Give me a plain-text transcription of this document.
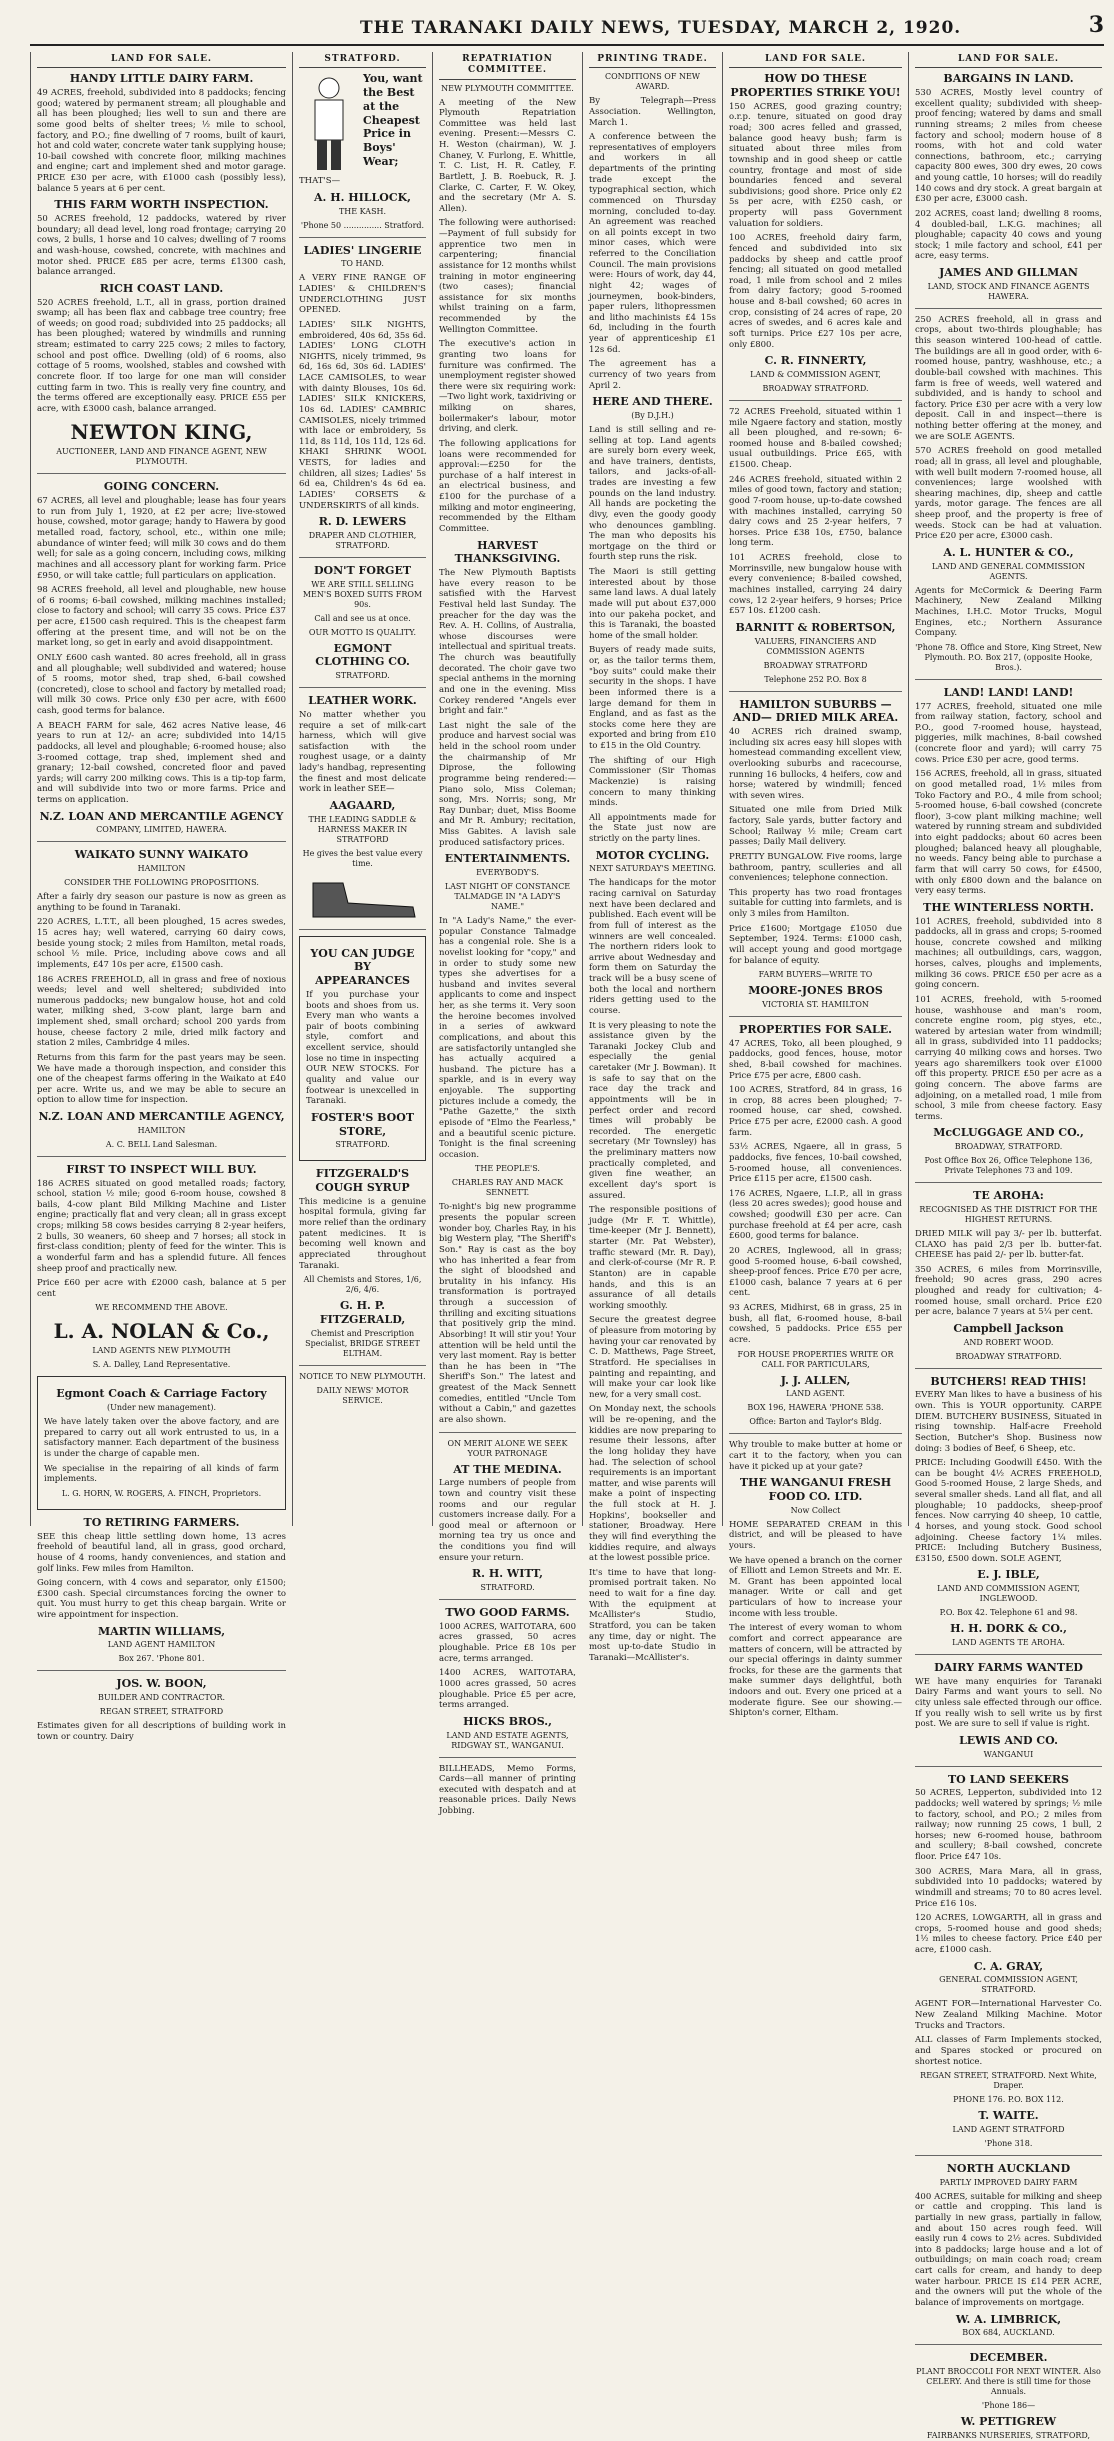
THE TARANAKI DAILY NEWS, TUESDAY, MARCH 2, 1920.	3
LAND FOR SALE.
HANDY LITTLE DAIRY FARM.

49 ACRES, freehold, subdivided into 8 paddocks; fencing good; watered by permanent stream; all ploughable and all has been ploughed; lies well to sun and there are some good belts of shelter trees; ½ mile to school, factory, and P.O.; fine dwelling of 7 rooms, built of kauri, hot and cold water, concrete water tank supplying house; 10-bail cowshed with concrete floor, milking machines and engine; cart and implement shed and motor garage. PRICE £30 per acre, with £1000 cash (possibly less), balance 5 years at 6 per cent.

THIS FARM WORTH INSPECTION.

50 ACRES freehold, 12 paddocks, watered by river boundary; all dead level, long road frontage; carrying 20 cows, 2 bulls, 1 horse and 10 calves; dwelling of 7 rooms and wash-house, cowshed, concrete, with machines and motor shed. PRICE £85 per acre, terms £1300 cash, balance arranged.

RICH COAST LAND.

520 ACRES freehold, L.T., all in grass, portion drained swamp; all has been flax and cabbage tree country; free of weeds; on good road; subdivided into 25 paddocks; all has been ploughed; watered by windmills and running stream; estimated to carry 225 cows; 2 miles to factory, school and post office. Dwelling (old) of 6 rooms, also cottage of 5 rooms, woolshed, stables and cowshed with concrete floor. If too large for one man will consider cutting farm in two. This is really very fine country, and the terms offered are exceptionally easy. PRICE £55 per acre, with £3000 cash, balance arranged.

NEWTON KING,
AUCTIONEER, LAND AND FINANCE AGENT, NEW PLYMOUTH.
GOING CONCERN.

67 ACRES, all level and ploughable; lease has four years to run from July 1, 1920, at £2 per acre; live-stowed house, cowshed, motor garage; handy to Hawera by good metalled road, factory, school, etc., within one mile; abundance of winter feed; will milk 30 cows and do them well; for sale as a going concern, including cows, milking machines and all accessory plant for working farm. Price £950, or will take cattle; full particulars on application.

98 ACRES freehold, all level and ploughable, new house of 6 rooms; 6-bail cowshed, milking machines installed; close to factory and school; will carry 35 cows. Price £37 per acre, £1500 cash required. This is the cheapest farm offering at the present time, and will not be on the market long, so get in early and avoid disappointment.

ONLY £600 cash wanted. 80 acres freehold, all in grass and all ploughable; well subdivided and watered; house of 5 rooms, motor shed, trap shed, 6-bail cowshed (concreted), close to school and factory by metalled road; will milk 30 cows. Price only £30 per acre, with £600 cash, good terms for balance.

A BEACH FARM for sale, 462 acres Native lease, 46 years to run at 12/- an acre; subdivided into 14/15 paddocks, all level and ploughable; 6-roomed house; also 3-roomed cottage, trap shed, implement shed and granary; 12-bail cowshed, concreted floor and paved yards; will carry 200 milking cows. This is a tip-top farm, and will subdivide into two or more farms. Price and terms on application.

N.Z. LOAN AND MERCANTILE AGENCY
COMPANY, LIMITED, HAWERA.
WAIKATO SUNNY WAIKATO
HAMILTON
CONSIDER THE FOLLOWING PROPOSITIONS.

After a fairly dry season our pasture is now as green as anything to be found in Taranaki.

220 ACRES, L.T.T., all been ploughed, 15 acres swedes, 15 acres hay; well watered, carrying 60 dairy cows, beside young stock; 2 miles from Hamilton, metal roads, school ½ mile. Price, including above cows and all implements, £47 10s per acre, £1500 cash.

186 ACRES FREEHOLD, all in grass and free of noxious weeds; level and well sheltered; subdivided into numerous paddocks; new bungalow house, hot and cold water, milking shed, 3-cow plant, large barn and implement shed, small orchard; school 200 yards from house, cheese factory 2 mile, dried milk factory and station 2 miles, Cambridge 4 miles.

Returns from this farm for the past years may be seen. We have made a thorough inspection, and consider this one of the cheapest farms offering in the Waikato at £40 per acre. Write us, and we may be able to secure an option to allow time for inspection.

N.Z. LOAN AND MERCANTILE AGENCY,
HAMILTON
A. C. BELL Land Salesman.
FIRST TO INSPECT WILL BUY.

186 ACRES situated on good metalled roads; factory, school, station ½ mile; good 6-room house, cowshed 8 bails, 4-cow plant Bild Milking Machine and Lister engine; practically flat and very clean; all in grass except crops; milking 58 cows besides carrying 8 2-year heifers, 2 bulls, 30 weaners, 60 sheep and 7 horses; all stock in first-class condition; plenty of feed for the winter. This is a wonderful farm and has a splendid future. All fences sheep proof and practically new.

Price £60 per acre with £2000 cash, balance at 5 per cent

WE RECOMMEND THE ABOVE.
L. A. NOLAN & Co.,
LAND AGENTS NEW PLYMOUTH
S. A. Dalley, Land Representative.
Egmont Coach & Carriage Factory
(Under new management).

We have lately taken over the above factory, and are prepared to carry out all work entrusted to us, in a satisfactory manner. Each department of the business is under the charge of capable men.

We specialise in the repairing of all kinds of farm implements.

L. G. HORN, W. ROGERS, A. FINCH, Proprietors.
TO RETIRING FARMERS.

SEE this cheap little settling down home, 13 acres freehold of beautiful land, all in grass, good orchard, house of 4 rooms, handy conveniences, and station and golf links. Few miles from Hamilton.

Going concern, with 4 cows and separator, only £1500; £300 cash. Special circumstances forcing the owner to quit. You must hurry to get this cheap bargain. Write or wire appointment for inspection.

MARTIN WILLIAMS,
LAND AGENT HAMILTON
Box 267. 'Phone 801.
JOS. W. BOON,
BUILDER AND CONTRACTOR.
REGAN STREET, STRATFORD

Estimates given for all descriptions of building work in town or country. Dairy

STRATFORD.
You, want the Best at the Cheapest Price in Boys' Wear;
THAT'S—
A. H. HILLOCK,
THE KASH.
'Phone 50 ............... Stratford.
LADIES' LINGERIE
TO HAND.

A VERY FINE RANGE OF LADIES' & CHILDREN'S UNDERCLOTHING JUST OPENED.

LADIES' SILK NIGHTS, embroidered, 40s 6d, 35s 6d. LADIES' LONG CLOTH NIGHTS, nicely trimmed, 9s 6d, 16s 6d, 30s 6d. LADIES' LACE CAMISOLES, to wear with dainty Blouses, 10s 6d. LADIES' SILK KNICKERS, 10s 6d. LADIES' CAMBRIC CAMISOLES, nicely trimmed with lace or embroidery, 5s 11d, 8s 11d, 10s 11d, 12s 6d. KHAKI SHRINK WOOL VESTS, for ladies and children, all sizes; Ladies' 5s 6d ea, Children's 4s 6d ea. LADIES' CORSETS & UNDERSKIRTS of all kinds.

R. D. LEWERS
DRAPER AND CLOTHIER, STRATFORD.
DON'T FORGET
WE ARE STILL SELLING MEN'S BOXED SUITS FROM 90s.
Call and see us at once.
OUR MOTTO IS QUALITY.
EGMONT CLOTHING CO.
STRATFORD.
LEATHER WORK.

No matter whether you require a set of milk-cart harness, which will give satisfaction with the roughest usage, or a dainty lady's handbag, representing the finest and most delicate work in leather SEE—

AAGAARD,
THE LEADING SADDLE & HARNESS MAKER IN STRATFORD
He gives the best value every time.
YOU CAN JUDGE BY APPEARANCES

If you purchase your boots and shoes from us. Every man who wants a pair of boots combining style, comfort and excellent service, should lose no time in inspecting OUR NEW STOCKS. For quality and value our footwear is unexcelled in Taranaki.

FOSTER'S BOOT STORE,
STRATFORD.
FITZGERALD'S COUGH SYRUP

This medicine is a genuine hospital formula, giving far more relief than the ordinary patent medicines. It is becoming well known and appreciated throughout Taranaki.

All Chemists and Stores, 1/6, 2/6, 4/6.
G. H. P. FITZGERALD,
Chemist and Prescription Specialist, BRIDGE STREET ELTHAM.
NOTICE TO NEW PLYMOUTH.
DAILY NEWS' MOTOR SERVICE.
REPATRIATION COMMITTEE.
NEW PLYMOUTH COMMITTEE.

A meeting of the New Plymouth Repatriation Committee was held last evening. Present:—Messrs C. H. Weston (chairman), W. J. Chaney, V. Furlong, E. Whittle, T. C. List, H. R. Catley, F. Bartlett, J. B. Roebuck, R. J. Clarke, C. Carter, F. W. Okey, and the secretary (Mr A. S. Allen).

The following were authorised:—Payment of full subsidy for apprentice two men in carpentering; financial assistance for 12 months whilst training in motor engineering (two cases); financial assistance for six months whilst training on a farm, recommended by the Wellington Committee.

The executive's action in granting two loans for furniture was confirmed. The unemployment register showed there were six requiring work:—Two light work, taxidriving or milking on shares, boilermaker's labour, motor driving, and clerk.

The following applications for loans were recommended for approval:—£250 for the purchase of a half interest in an electrical business, and £100 for the purchase of a milking and motor engineering, recommended by the Eltham Committee.

HARVEST THANKSGIVING.

The New Plymouth Baptists have every reason to be satisfied with the Harvest Festival held last Sunday. The preacher for the day was the Rev. A. H. Collins, of Australia, whose discourses were intellectual and spiritual treats. The church was beautifully decorated. The choir gave two special anthems in the morning and one in the evening. Miss Corkey rendered "Angels ever bright and fair."

Last night the sale of the produce and harvest social was held in the school room under the chairmanship of Mr Diprose, the following programme being rendered:—Piano solo, Miss Coleman; song, Mrs. Norris; song, Mr Ray Dunbar; duet, Miss Boome and Mr R. Ambury; recitation, Miss Gabites. A lavish sale produced satisfactory prices.

ENTERTAINMENTS.
EVERYBODY'S.
LAST NIGHT OF CONSTANCE TALMADGE IN "A LADY'S NAME."

In "A Lady's Name," the ever-popular Constance Talmadge has a congenial role. She is a novelist looking for "copy," and in order to study some new types she advertises for a husband and invites several applicants to come and inspect her, as she terms it. Very soon the heroine becomes involved in a series of awkward complications, and about this are satisfactorily untangled she has actually acquired a husband. The picture has a sparkle, and is in every way enjoyable. The supporting pictures include a comedy, the "Pathe Gazette," the sixth episode of "Elmo the Fearless," and a beautiful scenic picture. Tonight is the final screening occasion.

THE PEOPLE'S.
CHARLES RAY AND MACK SENNETT.

To-night's big new programme presents the popular screen wonder boy, Charles Ray, in his big Western play, "The Sheriff's Son." Ray is cast as the boy who has inherited a fear from the sight of bloodshed and brutality in his infancy. His transformation is portrayed through a succession of thrilling and exciting situations that positively grip the mind. Absorbing! It will stir you! Your attention will be held until the very last moment. Ray is better than he has been in "The Sheriff's Son." The latest and greatest of the Mack Sennett comedies, entitled "Uncle Tom without a Cabin," and gazettes are also shown.

ON MERIT ALONE WE SEEK YOUR PATRONAGE
AT THE MEDINA.

Large numbers of people from town and country visit these rooms and our regular customers increase daily. For a good meal or afternoon or morning tea try us once and the conditions you find will ensure your return.

R. H. WITT,
STRATFORD.
TWO GOOD FARMS.

1000 ACRES, WAITOTARA, 600 acres grassed, 50 acres ploughable. Price £8 10s per acre, terms arranged.

1400 ACRES, WAITOTARA, 1000 acres grassed, 50 acres ploughable. Price £5 per acre, terms arranged.

HICKS BROS.,
LAND AND ESTATE AGENTS, RIDGWAY ST., WANGANUI.

BILLHEADS, Memo Forms, Cards—all manner of printing executed with despatch and at reasonable prices. Daily News Jobbing.

PRINTING TRADE.
CONDITIONS OF NEW AWARD.

By Telegraph—Press Association. Wellington, March 1.

A conference between the representatives of employers and workers in all departments of the printing trade except the typographical section, which commenced on Thursday morning, concluded to-day. An agreement was reached on all points except in two minor cases, which were referred to the Conciliation Council. The main provisions were: Hours of work, day 44, night 42; wages of journeymen, book-binders, paper rulers, lithopressmen and litho machinists £4 15s 6d, including in the fourth year of apprenticeship £1 12s 6d.

The agreement has a currency of two years from April 2.

HERE AND THERE.
(By D.J.H.)

Land is still selling and re-selling at top. Land agents are surely born every week, and have trainers, dentists, tailors, and jacks-of-all-trades are investing a few pounds on the land industry. All hands are pocketing the divy, even the goody goody who denounces gambling. The man who deposits his mortgage on the third or fourth step runs the risk.

The Maori is still getting interested about by those same land laws. A dual lately made will put about £37,000 into our pakeha pocket, and this is Taranaki, the boasted home of the small holder.

Buyers of ready made suits, or, as the tailor terms them, "boy suits" could make their security in the shops. I have been informed there is a large demand for them in England, and as fast as the stocks come here they are exported and bring from £10 to £15 in the Old Country.

The shifting of our High Commissioner (Sir Thomas Mackenzie) is raising concern to many thinking minds.

All appointments made for the State just now are strictly on the party lines.

MOTOR CYCLING.
NEXT SATURDAY'S MEETING.

The handicaps for the motor racing carnival on Saturday next have been declared and published. Each event will be from full of interest as the winners are well concealed. The northern riders look to arrive about Wednesday and form them on Saturday the track will be a busy scene of both the local and northern riders getting used to the course.

It is very pleasing to note the assistance given by the Taranaki Jockey Club and especially the genial caretaker (Mr J. Bowman). It is safe to say that on the race day the track and appointments will be in perfect order and record times will probably be recorded. The energetic secretary (Mr Townsley) has the preliminary matters now practically completed, and given fine weather, an excellent day's sport is assured.

The responsible positions of judge (Mr F. T. Whittle), time-keeper (Mr J. Bennett), starter (Mr. Pat Webster), traffic steward (Mr. R. Day), and clerk-of-course (Mr R. P. Stanton) are in capable hands, and this is an assurance of all details working smoothly.

Secure the greatest degree of pleasure from motoring by having your car renovated by C. D. Matthews, Page Street, Stratford. He specialises in painting and repainting, and will make your car look like new, for a very small cost.

On Monday next, the schools will be re-opening, and the kiddies are now preparing to resume their lessons, after the long holiday they have had. The selection of school requirements is an important matter, and wise parents will make a point of inspecting the full stock at H. J. Hopkins', bookseller and stationer, Broadway. Here they will find everything the kiddies require, and always at the lowest possible price.

It's time to have that long-promised portrait taken. No need to wait for a fine day. With the equipment at McAllister's Studio, Stratford, you can be taken any time, day or night. The most up-to-date Studio in Taranaki—McAllister's.

LAND FOR SALE.
HOW DO THESE PROPERTIES STRIKE YOU!

150 ACRES, good grazing country; o.r.p. tenure, situated on good dray road; 300 acres felled and grassed, balance good heavy bush; farm is situated about three miles from township and in good sheep or cattle country, frontage and most of side boundaries fenced and several subdivisions; good shore. Price only £2 5s per acre, with £250 cash, or property will pass Government valuation for soldiers.

100 ACRES, freehold dairy farm, fenced and subdivided into six paddocks by sheep and cattle proof fencing; all situated on good metalled road, 1 mile from school and 2 miles from dairy factory; good 5-roomed house and 8-bail cowshed; 60 acres in crop, consisting of 24 acres of rape, 20 acres of swedes, and 6 acres kale and soft turnips. Price £27 10s per acre, only £800.

C. R. FINNERTY,
LAND & COMMISSION AGENT,
BROADWAY STRATFORD.

72 ACRES Freehold, situated within 1 mile Ngaere factory and station, mostly all been ploughed, and re-sown; 6-roomed house and 8-bailed cowshed; usual outbuildings. Price £65, with £1500. Cheap.

246 ACRES freehold, situated within 2 miles of good town, factory and station; good 7-room house, up-to-date cowshed with machines installed, carrying 50 dairy cows and 25 2-year heifers, 7 horses. Price £38 10s, £750, balance long term.

101 ACRES freehold, close to Morrinsville, new bungalow house with every convenience; 8-bailed cowshed, machines installed, carrying 24 dairy cows, 12 2-year heifers, 9 horses; Price £57 10s. £1200 cash.

BARNITT & ROBERTSON,
VALUERS, FINANCIERS AND COMMISSION AGENTS
BROADWAY STRATFORD
Telephone 252 P.O. Box 8
HAMILTON SUBURBS —AND— DRIED MILK AREA.

40 ACRES rich drained swamp, including six acres easy hill slopes with homestead commanding excellent view, overlooking suburbs and racecourse, running 16 bullocks, 4 heifers, cow and horse; watered by windmill; fenced with seven wires.

Situated one mile from Dried Milk factory, Sale yards, butter factory and School; Railway ½ mile; Cream cart passes; Daily Mail delivery.

PRETTY BUNGALOW. Five rooms, large bathroom, pantry, sculleries and all conveniences; telephone connection.

This property has two road frontages suitable for cutting into farmlets, and is only 3 miles from Hamilton.

Price £1600; Mortgage £1050 due September, 1924. Terms: £1000 cash, will accept young and good mortgage for balance of equity.

FARM BUYERS—WRITE TO
MOORE-JONES BROS
VICTORIA ST. HAMILTON
PROPERTIES FOR SALE.

47 ACRES, Toko, all been ploughed, 9 paddocks, good fences, house, motor shed, 8-bail cowshed for machines. Price £75 per acre, £800 cash.

100 ACRES, Stratford, 84 in grass, 16 in crop, 88 acres been ploughed; 7-roomed house, car shed, cowshed. Price £75 per acre, £2000 cash. A good farm.

53½ ACRES, Ngaere, all in grass, 5 paddocks, five fences, 10-bail cowshed, 5-roomed house, all conveniences. Price £115 per acre, £1500 cash.

176 ACRES, Ngaere, L.I.P., all in grass (less 20 acres swedes); good house and cowshed; goodwill £30 per acre. Can purchase freehold at £4 per acre, cash £600, good terms for balance.

20 ACRES, Inglewood, all in grass; good 5-roomed house, 6-bail cowshed, sheep-proof fences. Price £70 per acre, £1000 cash, balance 7 years at 6 per cent.

93 ACRES, Midhirst, 68 in grass, 25 in bush, all flat, 6-roomed house, 8-bail cowshed, 5 paddocks. Price £55 per acre.

FOR HOUSE PROPERTIES WRITE OR CALL FOR PARTICULARS,
J. J. ALLEN,
LAND AGENT.
BOX 196, HAWERA 'PHONE 538.
Office: Barton and Taylor's Bldg.

Why trouble to make butter at home or cart it to the factory, when you can have it picked up at your gate?

THE WANGANUI FRESH FOOD CO. LTD.
Now Collect

HOME SEPARATED CREAM in this district, and will be pleased to have yours.

We have opened a branch on the corner of Elliott and Lemon Streets and Mr. E. M. Grant has been appointed local manager. Write or call and get particulars of how to increase your income with less trouble.

The interest of every woman to whom comfort and correct appearance are matters of concern, will be attracted by our special offerings in dainty summer frocks, for these are the garments that make summer days delightful, both indoors and out. Every one priced at a moderate figure. See our showing.—Shipton's corner, Eltham.

LAND FOR SALE.
BARGAINS IN LAND.

530 ACRES, Mostly level country of excellent quality; subdivided with sheep-proof fencing; watered by dams and small running streams; 2 miles from cheese factory and school; modern house of 8 rooms, with hot and cold water connections, bathroom, etc.; carrying capacity 800 ewes, 300 dry ewes, 20 cows and young cattle, 10 horses; will do readily 140 cows and dry stock. A great bargain at £30 per acre, £3000 cash.

202 ACRES, coast land; dwelling 8 rooms, 4 doubled-bail, L.K.G. machines; all ploughable; capacity 40 cows and young stock; 1 mile factory and school, £41 per acre, easy terms.

JAMES AND GILLMAN
LAND, STOCK AND FINANCE AGENTS HAWERA.

250 ACRES freehold, all in grass and crops, about two-thirds ploughable; has this season wintered 100-head of cattle. The buildings are all in good order, with 6-roomed house, pantry, washhouse, etc.; a double-bail cowshed with machines. This farm is free of weeds, well watered and subdivided, and is handy to school and factory. Price £30 per acre with a very low deposit. Call in and inspect—there is nothing better offering at the money, and we are SOLE AGENTS.

570 ACRES freehold on good metalled road; all in grass, all level and ploughable, with well built modern 7-roomed house, all conveniences; large woolshed with shearing machines, dip, sheep and cattle yards, motor garage. The fences are all sheep proof, and the property is free of weeds. Stock can be had at valuation. Price £20 per acre, £3000 cash.

A. L. HUNTER & CO.,
LAND AND GENERAL COMMISSION AGENTS.

Agents for McCormick & Deering Farm Machinery, New Zealand Milking Machines, I.H.C. Motor Trucks, Mogul Engines, etc.; Northern Assurance Company.

'Phone 78. Office and Store, King Street, New Plymouth. P.O. Box 217, (opposite Hooke, Bros.).
LAND! LAND! LAND!

177 ACRES, freehold, situated one mile from railway station, factory, school and P.O., good 7-roomed house, haystead, piggeries, milk machines, 8-bail cowshed (concrete floor and yard); will carry 75 cows. Price £30 per acre, good terms.

156 ACRES, freehold, all in grass, situated on good metalled road, 1½ miles from Toko Factory and P.O., 4 mile from school; 5-roomed house, 6-bail cowshed (concrete floor), 3-cow plant milking machine; well watered by running stream and subdivided into eight paddocks; about 60 acres been ploughed; balanced heavy all ploughable, no weeds. Fancy being able to purchase a farm that will carry 50 cows, for £4500, with only £800 down and the balance on very easy terms.

THE WINTERLESS NORTH.

101 ACRES, freehold, subdivided into 8 paddocks, all in grass and crops; 5-roomed house, concrete cowshed and milking machines; all outbuildings, cars, waggon, horses, calves, ploughs and implements, milking 36 cows. PRICE £50 per acre as a going concern.

101 ACRES, freehold, with 5-roomed house, washhouse and man's room, concrete engine room, pig styes, etc., watered by artesian water from windmill; all in grass, subdivided into 11 paddocks; carrying 40 milking cows and horses. Two years ago sharemilkers took over £1000 off this property. PRICE £50 per acre as a going concern. The above farms are adjoining, on a metalled road, 1 mile from school, 3 mile from cheese factory. Easy terms.

McCLUGGAGE AND CO.,
BROADWAY, STRATFORD.
Post Office Box 26, Office Telephone 136, Private Telephones 73 and 109.
TE AROHA:
RECOGNISED AS THE DISTRICT FOR THE HIGHEST RETURNS.

DRIED MILK will pay 3/- per lb. butterfat. CLAXO has paid 2/3 per lb. butter-fat. CHEESE has paid 2/- per lb. butter-fat.

350 ACRES, 6 miles from Morrinsville, freehold; 90 acres grass, 290 acres ploughed and ready for cultivation; 4-roomed house, small orchard. Price £20 per acre, balance 7 years at 5¼ per cent.

Campbell Jackson
AND ROBERT WOOD.
BROADWAY STRATFORD.
BUTCHERS! READ THIS!

EVERY Man likes to have a business of his own. This is YOUR opportunity. CARPE DIEM. BUTCHERY BUSINESS, Situated in rising township. Half-acre Freehold Section, Butcher's Shop. Business now doing: 3 bodies of Beef, 6 Sheep, etc.

PRICE: Including Goodwill £450. With the can be bought 4½ ACRES FREEHOLD, Good 5-roomed House, 2 large Sheds, and several smaller sheds. Land all flat, and all ploughable; 10 paddocks, sheep-proof fences. Now carrying 40 sheep, 10 cattle, 4 horses, and young stock. Good school adjoining. Cheese factory 1¼ miles. PRICE: Including Butchery Business, £3150, £500 down. SOLE AGENT,

E. J. IBLE,
LAND AND COMMISSION AGENT, INGLEWOOD.
P.O. Box 42. Telephone 61 and 98.
H. H. DORK & CO.,
LAND AGENTS TE AROHA.
DAIRY FARMS WANTED

WE have many enquiries for Taranaki Dairy Farms and want yours to sell. No city unless sale effected through our office. If you really wish to sell write us by first post. We are sure to sell if value is right.

LEWIS AND CO.
WANGANUI
TO LAND SEEKERS

50 ACRES, Lepperton, subdivided into 12 paddocks; well watered by springs; ½ mile to factory, school, and P.O.; 2 miles from railway; now running 25 cows, 1 bull, 2 horses; new 6-roomed house, bathroom and scullery; 8-bail cowshed, concrete floor. Price £47 10s.

300 ACRES, Mara Mara, all in grass, subdivided into 10 paddocks; watered by windmill and streams; 70 to 80 acres level. Price £16 10s.

120 ACRES, LOWGARTH, all in grass and crops, 5-roomed house and good sheds; 1½ miles to cheese factory. Price £40 per acre, £1000 cash.

C. A. GRAY,
GENERAL COMMISSION AGENT, STRATFORD.

AGENT FOR—International Harvester Co. New Zealand Milking Machine. Motor Trucks and Tractors.

ALL classes of Farm Implements stocked, and Spares stocked or procured on shortest notice.

REGAN STREET, STRATFORD. Next White, Draper.
PHONE 176. P.O. BOX 112.
T. WAITE.
LAND AGENT STRATFORD
'Phone 318.
NORTH AUCKLAND
PARTLY IMPROVED DAIRY FARM

400 ACRES, suitable for milking and sheep or cattle and cropping. This land is partially in new grass, partially in fallow, and about 150 acres rough feed. Will easily run 4 cows to 2½ acres. Subdivided into 8 paddocks; large house and a lot of outbuildings; on main coach road; cream cart calls for cream, and handy to deep water harbour. PRICE IS £14 PER ACRE, and the owners will put the whole of the balance of improvements on mortgage.

W. A. LIMBRICK,
BOX 684, AUCKLAND.
DECEMBER.
PLANT BROCCOLI FOR NEXT WINTER. Also CELERY. And there is still time for those Annuals.
'Phone 186—
W. PETTIGREW
FAIRBANKS NURSERIES, STRATFORD,
